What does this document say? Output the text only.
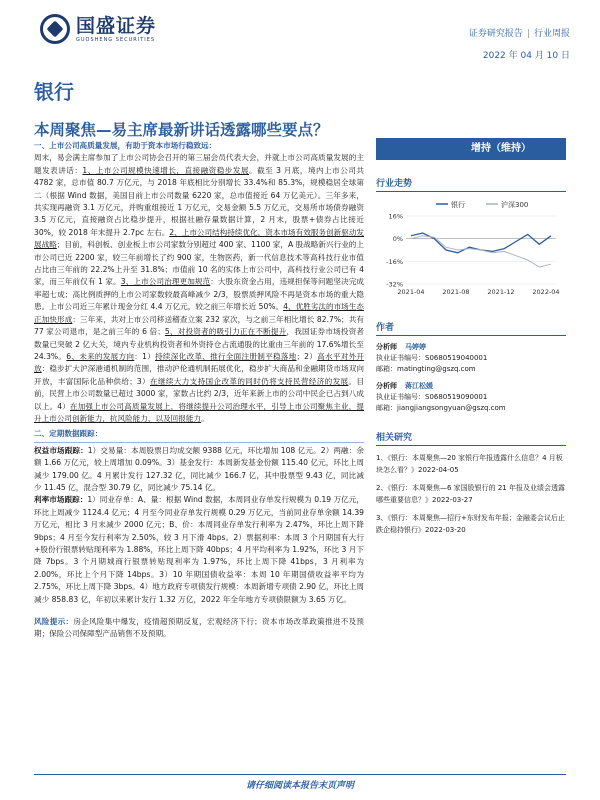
国盛证券
GUOSHENG SECURITIES
证券研究报告 | 行业周报
2022 年 04 月 10 日
银行
本周聚焦—易主席最新讲话透露哪些要点？
一、上市公司高质量发展，有助于资本市场行稳致远：
周末，易会满主席参加了上市公司协会召开的第三届会员代表大会，并就上市公司高质量发展的主题发表讲话：1、上市公司规模快速增长，直接融资稳步发展。截至 3 月底，境内上市公司共 4782 家，总市值 80.7 万亿元，与 2018 年底相比分别增长 33.4%和 85.3%，规模稳居全球第二（根据 Wind 数据，美国目前上市公司数量 6220 家，总市值接近 64 万亿美元）。三年多来，共实现再融资 3.1 万亿元，并购重组接近 1 万亿元，交易金额 5.5 万亿元，交易所市场债券融资 3.5 万亿元，直接融资占比稳步提升，根据社融存量数据计算，2 月末，股票+债券占比接近 30%，较 2018 年末提升 2.7pc 左右。2、上市公司结构持续优化，资本市场有效服务创新驱动发展战略；目前，科创板、创业板上市公司家数分别超过 400 家、1100 家，A 股战略新兴行业的上市公司已近 2200 家，较三年前增长了约 900 家，生物医药，新一代信息技术等高科技行业市值占比由三年前的 22.2%上升至 31.8%；市值前 10 名的实体上市公司中，高科技行业公司已有 4 家，而三年前仅有 1 家。3、上市公司治理更加规范：大股东资金占用，违规担保等问题坚决完成率超七成；高比例质押的上市公司家数较最高峰减少 2/3，股票质押风险不再是资本市场的重大隐患。上市公司近三年累计现金分红 4.4 万亿元，较之前三年增长近 50%。4、优胜劣汰的市场生态正加快形成：三年来，共对上市公司移送稽查立案 232 家次，与之前三年相比增长 82.7%；共有 77 家公司退市，是之前三年的 6 倍；5、对投资者的吸引力正在不断提升，我国证券市场投资者数量已突破 2 亿大关，境内专业机构投资者和外资持仓占流通股的比重由三年前的 17.6%增长至 24.3%。6、未来的发展方向：1）持续深化改革、推行全面注册制平稳落地；2）高水平对外开放：稳步扩大沪深港通机制的范围，推动沪伦通机制拓展优化，稳步扩大商品和金融期货市场双向开放，丰富国际化品种供给；3）在继续大力支持国企改革的同时仍将支持民营经济的发展。目前，民营上市公司数量已超过 3000 家，家数占比约 2/3，近年来新上市的公司中民企已占到八成以上。4）在加强上市公司高质量发展上，将继续提升公司治理水平，引导上市公司聚焦主业，提升上市公司创新能力，抗风险能力，以及回报能力。
二、定期数据跟踪：
权益市场跟踪：1）交易量：本周股票日均成交额 9388 亿元，环比增加 108 亿元。2）两融：余额 1.66 万亿元，较上周增加 0.09%。3）基金发行：本周新发基金份额 115.40 亿元，环比上周减少 179.00 亿。4 月累计发行 127.32 亿，同比减少 166.7 亿，其中股票型 9.43 亿，同比减少 11.45 亿，混合型 30.79 亿，同比减少 75.14 亿。
利率市场跟踪：1）同业存单：A、量：根据 Wind 数据，本周同业存单发行规模为 0.19 万亿元，环比上周减少 1124.4 亿元；4 月至今同业存单发行规模 0.29 万亿元，当前同业存单余额 14.39 万亿元，相比 3 月末减少 2000 亿元；B、价：本周同业存单发行利率为 2.47%，环比上周下降 9bps；4 月至今发行利率为 2.50%，较 3 月下滑 4bps。2）票据利率：本周 3 个月期国有大行+股份行银票转贴现利率为 1.88%，环比上周下降 40bps；4 月平均利率为 1.92%，环比 3 月下降 7bps。3 个月期城商行银票转贴现利率为 1.97%，环比上周下降 41bps，3 月利率为 2.00%，环比上个月下降 14bps。3）10 年期国债收益率：本周 10 年期国债收益率平均为 2.75%，环比上周下降 3bps。4）地方政府专项债发行规模：本周新增专项债 2.90 亿，环比上周减少 858.83 亿，年初以来累计发行 1.32 万亿，2022 年全年地方专项债限额为 3.65 万亿。
风险提示：房企风险集中爆发，疫情超预期反复，宏观经济下行；资本市场改革政策推进不及预期；保险公司保障型产品销售不及预期。
增持（维持）
行业走势
银行	沪深300
16%
0%
-16%
-32%
2021-04	2021-08	2021-12	2022-04
作者
分析师 马婷婷
执业证书编号：S0680519040001
邮箱：matingting@gszq.com
分析师 蒋江松媛
执业证书编号：S0680519090001
邮箱：jiangjiangsongyuan@gszq.com
相关研究
1、《银行：本周聚焦—20 家银行年报透露什么信息？4 月板块怎么看？》2022-04-05
2、《银行：本周聚焦—6 家国股银行的 21 年报及业绩会透露哪些重要信息？》2022-03-27
3、《银行：本周聚焦—招行+东财发布年报；金融委会议后止跌企稳持银行》2022-03-20
请仔细阅读本报告末页声明
